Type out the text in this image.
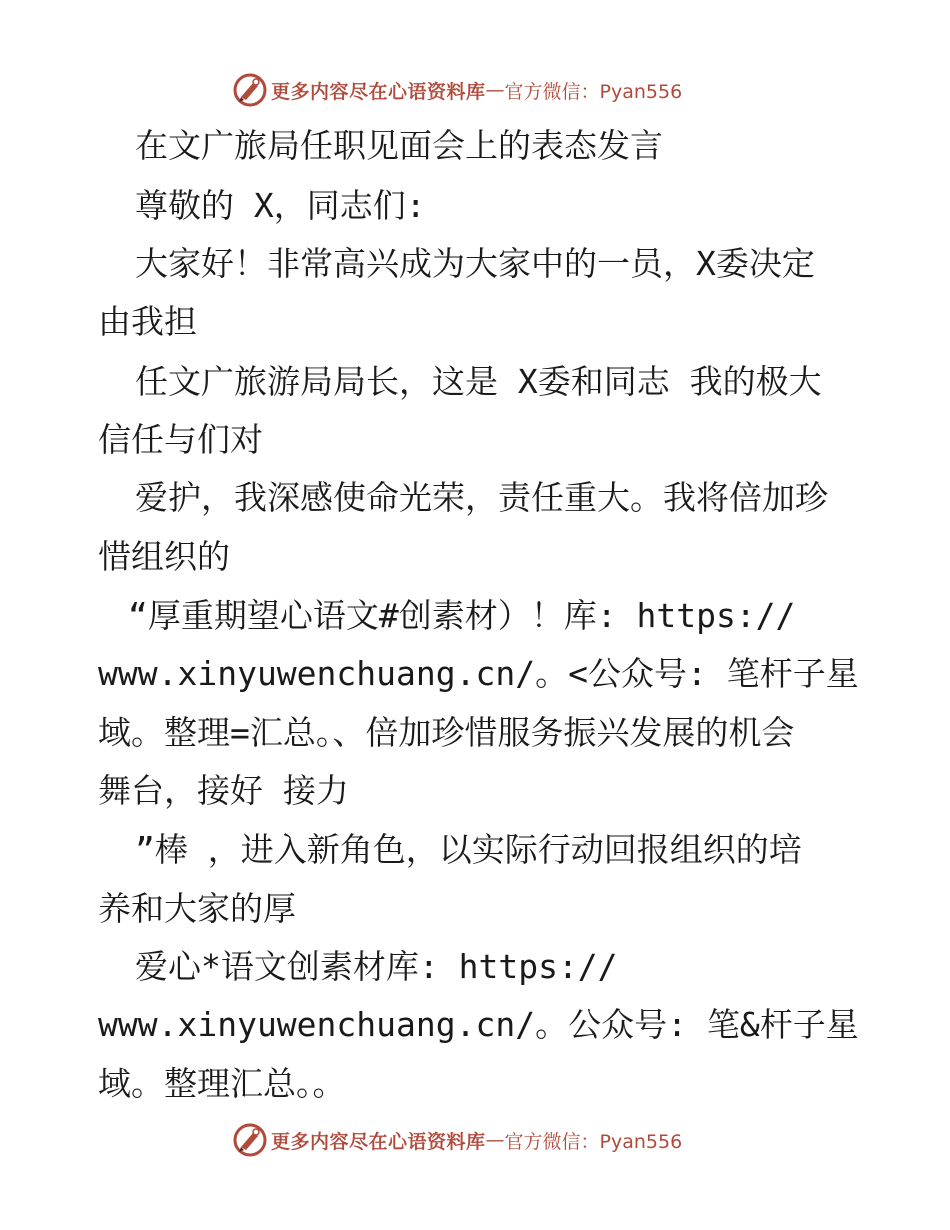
更多内容尽在心语资料库 — 官方微信：Pyan556
在文广旅局任职见面会上的表态发言
尊敬的 X，同志们:
大家好！非常高兴成为大家中的一员，X委决定
由我担
任文广旅游局局长，这是 X委和同志 我的极大
信任与们对
爱护，我深感使命光荣，责任重大。我将倍加珍
惜组织的
“厚重期望心语文#创素材）！库: https://
www.xinyuwenchuang.cn/。<公众号: 笔杆子星
域。整理=汇总。、倍加珍惜服务振兴发展的机会
舞台，接好 接力
”棒 ，进入新角色，以实际行动回报组织的培
养和大家的厚
爱心*语文创素材库: https://
www.xinyuwenchuang.cn/。公众号: 笔&杆子星
域。整理汇总。。
更多内容尽在心语资料库 — 官方微信：Pyan556
